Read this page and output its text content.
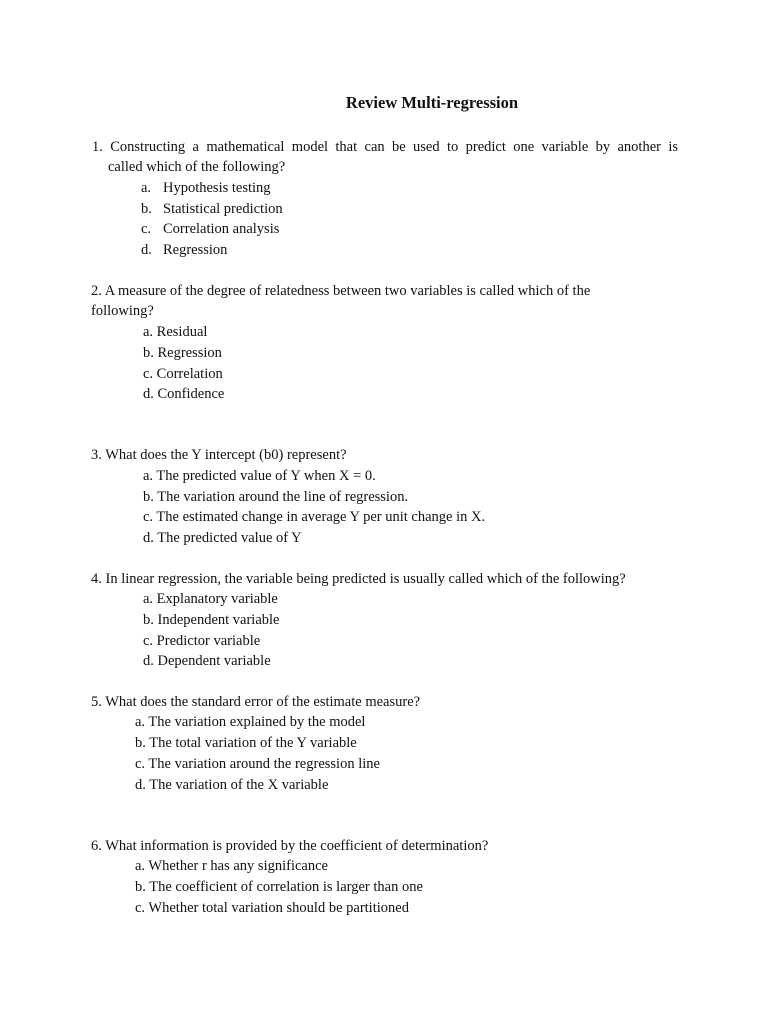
Review Multi-regression
1. Constructing a mathematical model that can be used to predict one variable by another is
called which of the following?
a. Hypothesis testing
b. Statistical prediction
c. Correlation analysis
d. Regression
2. A measure of the degree of relatedness between two variables is called which of the
following?
a. Residual
b. Regression
c. Correlation
d. Confidence
3. What does the Y intercept (b0) represent?
a. The predicted value of Y when X = 0.
b. The variation around the line of regression.
c. The estimated change in average Y per unit change in X.
d. The predicted value of Y
4. In linear regression, the variable being predicted is usually called which of the following?
a. Explanatory variable
b. Independent variable
c. Predictor variable
d. Dependent variable
5. What does the standard error of the estimate measure?
a. The variation explained by the model
b. The total variation of the Y variable
c. The variation around the regression line
d. The variation of the X variable
6. What information is provided by the coefficient of determination?
a. Whether r has any significance
b. The coefficient of correlation is larger than one
c. Whether total variation should be partitioned
